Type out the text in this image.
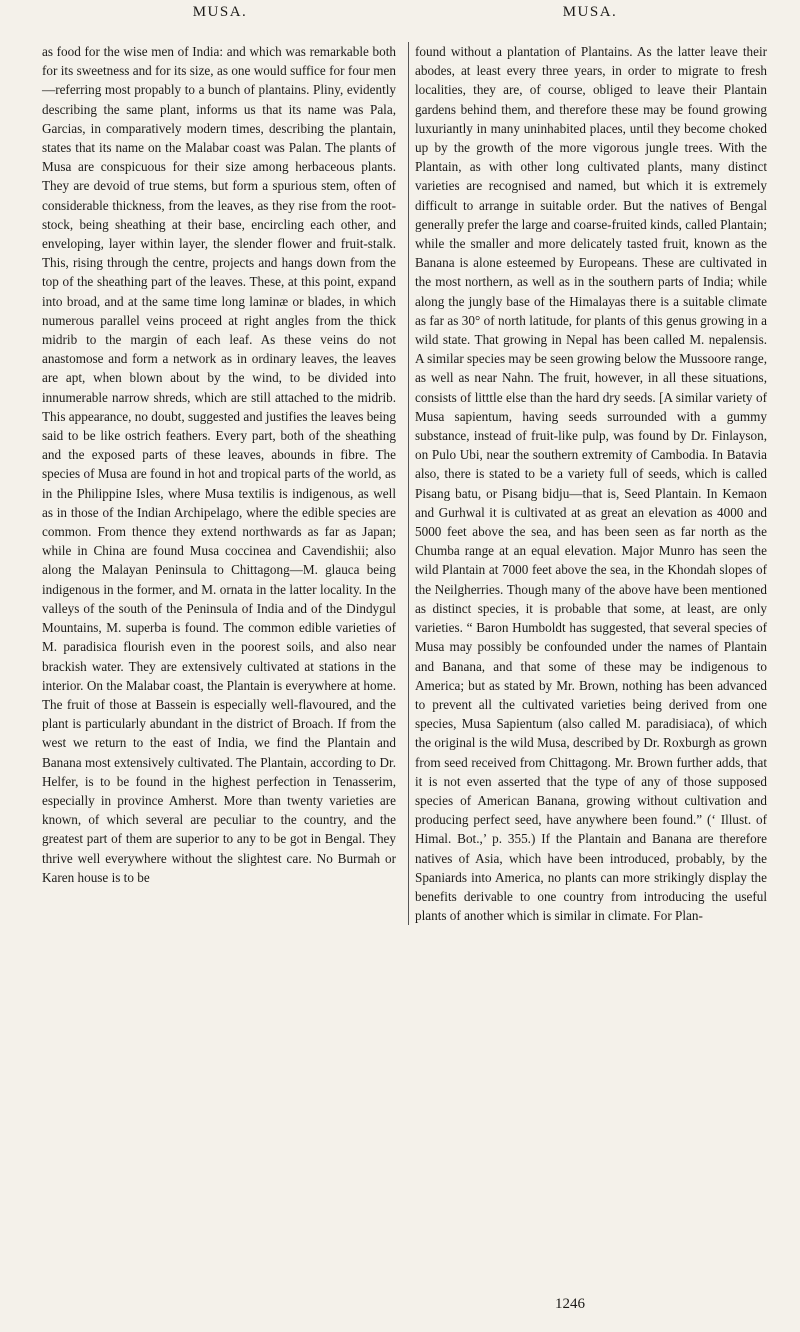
MUSA.	MUSA.

as food for the wise men of India: and which was remarkable both for its sweetness and for its size, as one would suffice for four men—referring most propably to a bunch of plantains. Pliny, evidently describing the same plant, informs us that its name was Pala, Garcias, in comparatively modern times, describing the plantain, states that its name on the Malabar coast was Palan. The plants of Musa are conspicuous for their size among herbaceous plants. They are devoid of true stems, but form a spurious stem, often of considerable thickness, from the leaves, as they rise from the root-stock, being sheathing at their base, encircling each other, and enveloping, layer within layer, the slender flower and fruit-stalk. This, rising through the centre, projects and hangs down from the top of the sheathing part of the leaves. These, at this point, expand into broad, and at the same time long laminæ or blades, in which numerous parallel veins proceed at right angles from the thick midrib to the margin of each leaf. As these veins do not anastomose and form a network as in ordinary leaves, the leaves are apt, when blown about by the wind, to be divided into innumerable narrow shreds, which are still attached to the midrib. This appearance, no doubt, suggested and justifies the leaves being said to be like ostrich feathers. Every part, both of the sheathing and the exposed parts of these leaves, abounds in fibre. The species of Musa are found in hot and tropical parts of the world, as in the Philippine Isles, where Musa textilis is indigenous, as well as in those of the Indian Archipelago, where the edible species are common. From thence they extend northwards as far as Japan; while in China are found Musa coccinea and Cavendishii; also along the Malayan Peninsula to Chittagong—M. glauca being indigenous in the former, and M. ornata in the latter locality. In the valleys of the south of the Peninsula of India and of the Dindygul Mountains, M. superba is found. The common edible varieties of M. paradisica flourish even in the poorest soils, and also near brackish water. They are extensively cultivated at stations in the interior. On the Malabar coast, the Plantain is everywhere at home. The fruit of those at Bassein is especially well-flavoured, and the plant is particularly abundant in the district of Broach. If from the west we return to the east of India, we find the Plantain and Banana most extensively cultivated. The Plantain, according to Dr. Helfer, is to be found in the highest perfection in Tenasserim, especially in province Amherst. More than twenty varieties are known, of which several are peculiar to the country, and the greatest part of them are superior to any to be got in Bengal. They thrive well everywhere without the slightest care. No Burmah or Karen house is to be

found without a plantation of Plantains. As the latter leave their abodes, at least every three years, in order to migrate to fresh localities, they are, of course, obliged to leave their Plantain gardens behind them, and therefore these may be found growing luxuriantly in many uninhabited places, until they become choked up by the growth of the more vigorous jungle trees. With the Plantain, as with other long cultivated plants, many distinct varieties are recognised and named, but which it is extremely difficult to arrange in suitable order. But the natives of Bengal generally prefer the large and coarse-fruited kinds, called Plantain; while the smaller and more delicately tasted fruit, known as the Banana is alone esteemed by Europeans. These are cultivated in the most northern, as well as in the southern parts of India; while along the jungly base of the Himalayas there is a suitable climate as far as 30° of north latitude, for plants of this genus growing in a wild state. That growing in Nepal has been called M. nepalensis. A similar species may be seen growing below the Mussoore range, as well as near Nahn. The fruit, however, in all these situations, consists of litttle else than the hard dry seeds. [A similar variety of Musa sapientum, having seeds surrounded with a gummy substance, instead of fruit-like pulp, was found by Dr. Finlayson, on Pulo Ubi, near the southern extremity of Cambodia. In Batavia also, there is stated to be a variety full of seeds, which is called Pisang batu, or Pisang bidju—that is, Seed Plantain. In Kemaon and Gurhwal it is cultivated at as great an elevation as 4000 and 5000 feet above the sea, and has been seen as far north as the Chumba range at an equal elevation. Major Munro has seen the wild Plantain at 7000 feet above the sea, in the Khondah slopes of the Neilgherries. Though many of the above have been mentioned as distinct species, it is probable that some, at least, are only varieties. “ Baron Humboldt has suggested, that several species of Musa may possibly be confounded under the names of Plantain and Banana, and that some of these may be indigenous to America; but as stated by Mr. Brown, nothing has been advanced to prevent all the cultivated varieties being derived from one species, Musa Sapientum (also called M. paradisiaca), of which the original is the wild Musa, described by Dr. Roxburgh as grown from seed received from Chittagong. Mr. Brown further adds, that it is not even asserted that the type of any of those supposed species of American Banana, growing without cultivation and producing perfect seed, have anywhere been found.” (‘ Illust. of Himal. Bot.,’ p. 355.) If the Plantain and Banana are therefore natives of Asia, which have been introduced, probably, by the Spaniards into America, no plants can more strikingly display the benefits derivable to one country from introducing the useful plants of another which is similar in climate. For Plan-

1246
